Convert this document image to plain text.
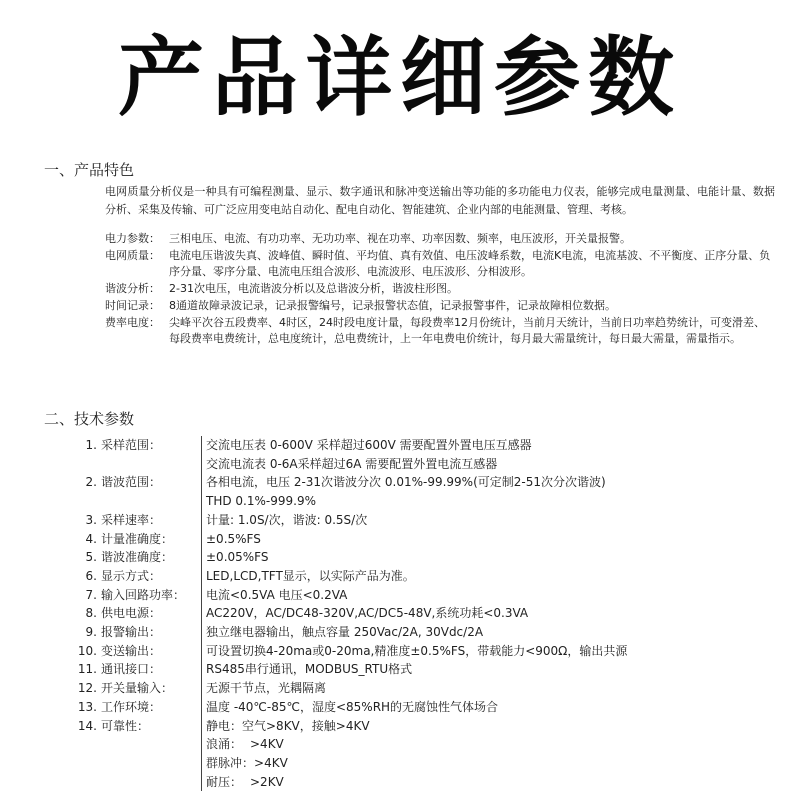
产品详细参数
一、产品特色

电网质量分析仪是一种具有可编程测量、显示、数字通讯和脉冲变送输出等功能的多功能电力仪表，能够完成电量测量、电能计量、数据分析、采集及传输、可广泛应用变电站自动化、配电自动化、智能建筑、企业内部的电能测量、管理、考核。

电力参数： 三相电压、电流、有功功率、无功功率、视在功率、功率因数、频率，电压波形，开关量报警。
电网质量： 电流电压谐波失真、波峰值、瞬时值、平均值、真有效值、电压波峰系数，电流K电流，电流基波、不平衡度、正序分量、负序分量、零序分量、电流电压组合波形、电流波形、电压波形、分相波形。
谐波分析： 2-31次电压，电流谐波分析以及总谐波分析，谐波柱形图。
时间记录： 8通道故障录波记录，记录报警编号，记录报警状态值，记录报警事件，记录故障相位数据。
费率电度： 尖峰平次谷五段费率、4时区，24时段电度计量，每段费率12月份统计，当前月天统计，当前日功率趋势统计，可变滑差、每段费率电费统计，总电度统计，总电费统计，上一年电费电价统计，每月最大需量统计，每日最大需量，需量指示。
二、技术参数
1. 采样范围：	交流电压表 0-600V 采样超过600V 需要配置外置电压互感器
交流电流表 0-6A采样超过6A 需要配置外置电流互感器
2. 谐波范围：	各相电流，电压 2-31次谐波分次 0.01%-99.99%(可定制2-51次分次谐波)
THD 0.1%-999.9%
3. 采样速率：	计量: 1.0S/次，谐波: 0.5S/次
4. 计量准确度：	±0.5%FS
5. 谐波准确度：	±0.05%FS
6. 显示方式：	LED,LCD,TFT显示，以实际产品为准。
7. 输入回路功率：	电流<0.5VA 电压<0.2VA
8. 供电电源：	AC220V，AC/DC48-320V,AC/DC5-48V,系统功耗<0.3VA
9. 报警输出：	独立继电器输出，触点容量 250Vac/2A, 30Vdc/2A
10. 变送输出：	可设置切换4-20ma或0-20ma,精准度±0.5%FS，带载能力<900Ω，输出共源
11. 通讯接口：	RS485串行通讯，MODBUS_RTU格式
12. 开关量输入：	无源干节点，光耦隔离
13. 工作环境：	温度 -40℃-85℃，湿度<85%RH的无腐蚀性气体场合
14. 可靠性：	静电：空气>8KV，接触>4KV
浪涌： >4KV
群脉冲： >4KV
耐压： >2KV
